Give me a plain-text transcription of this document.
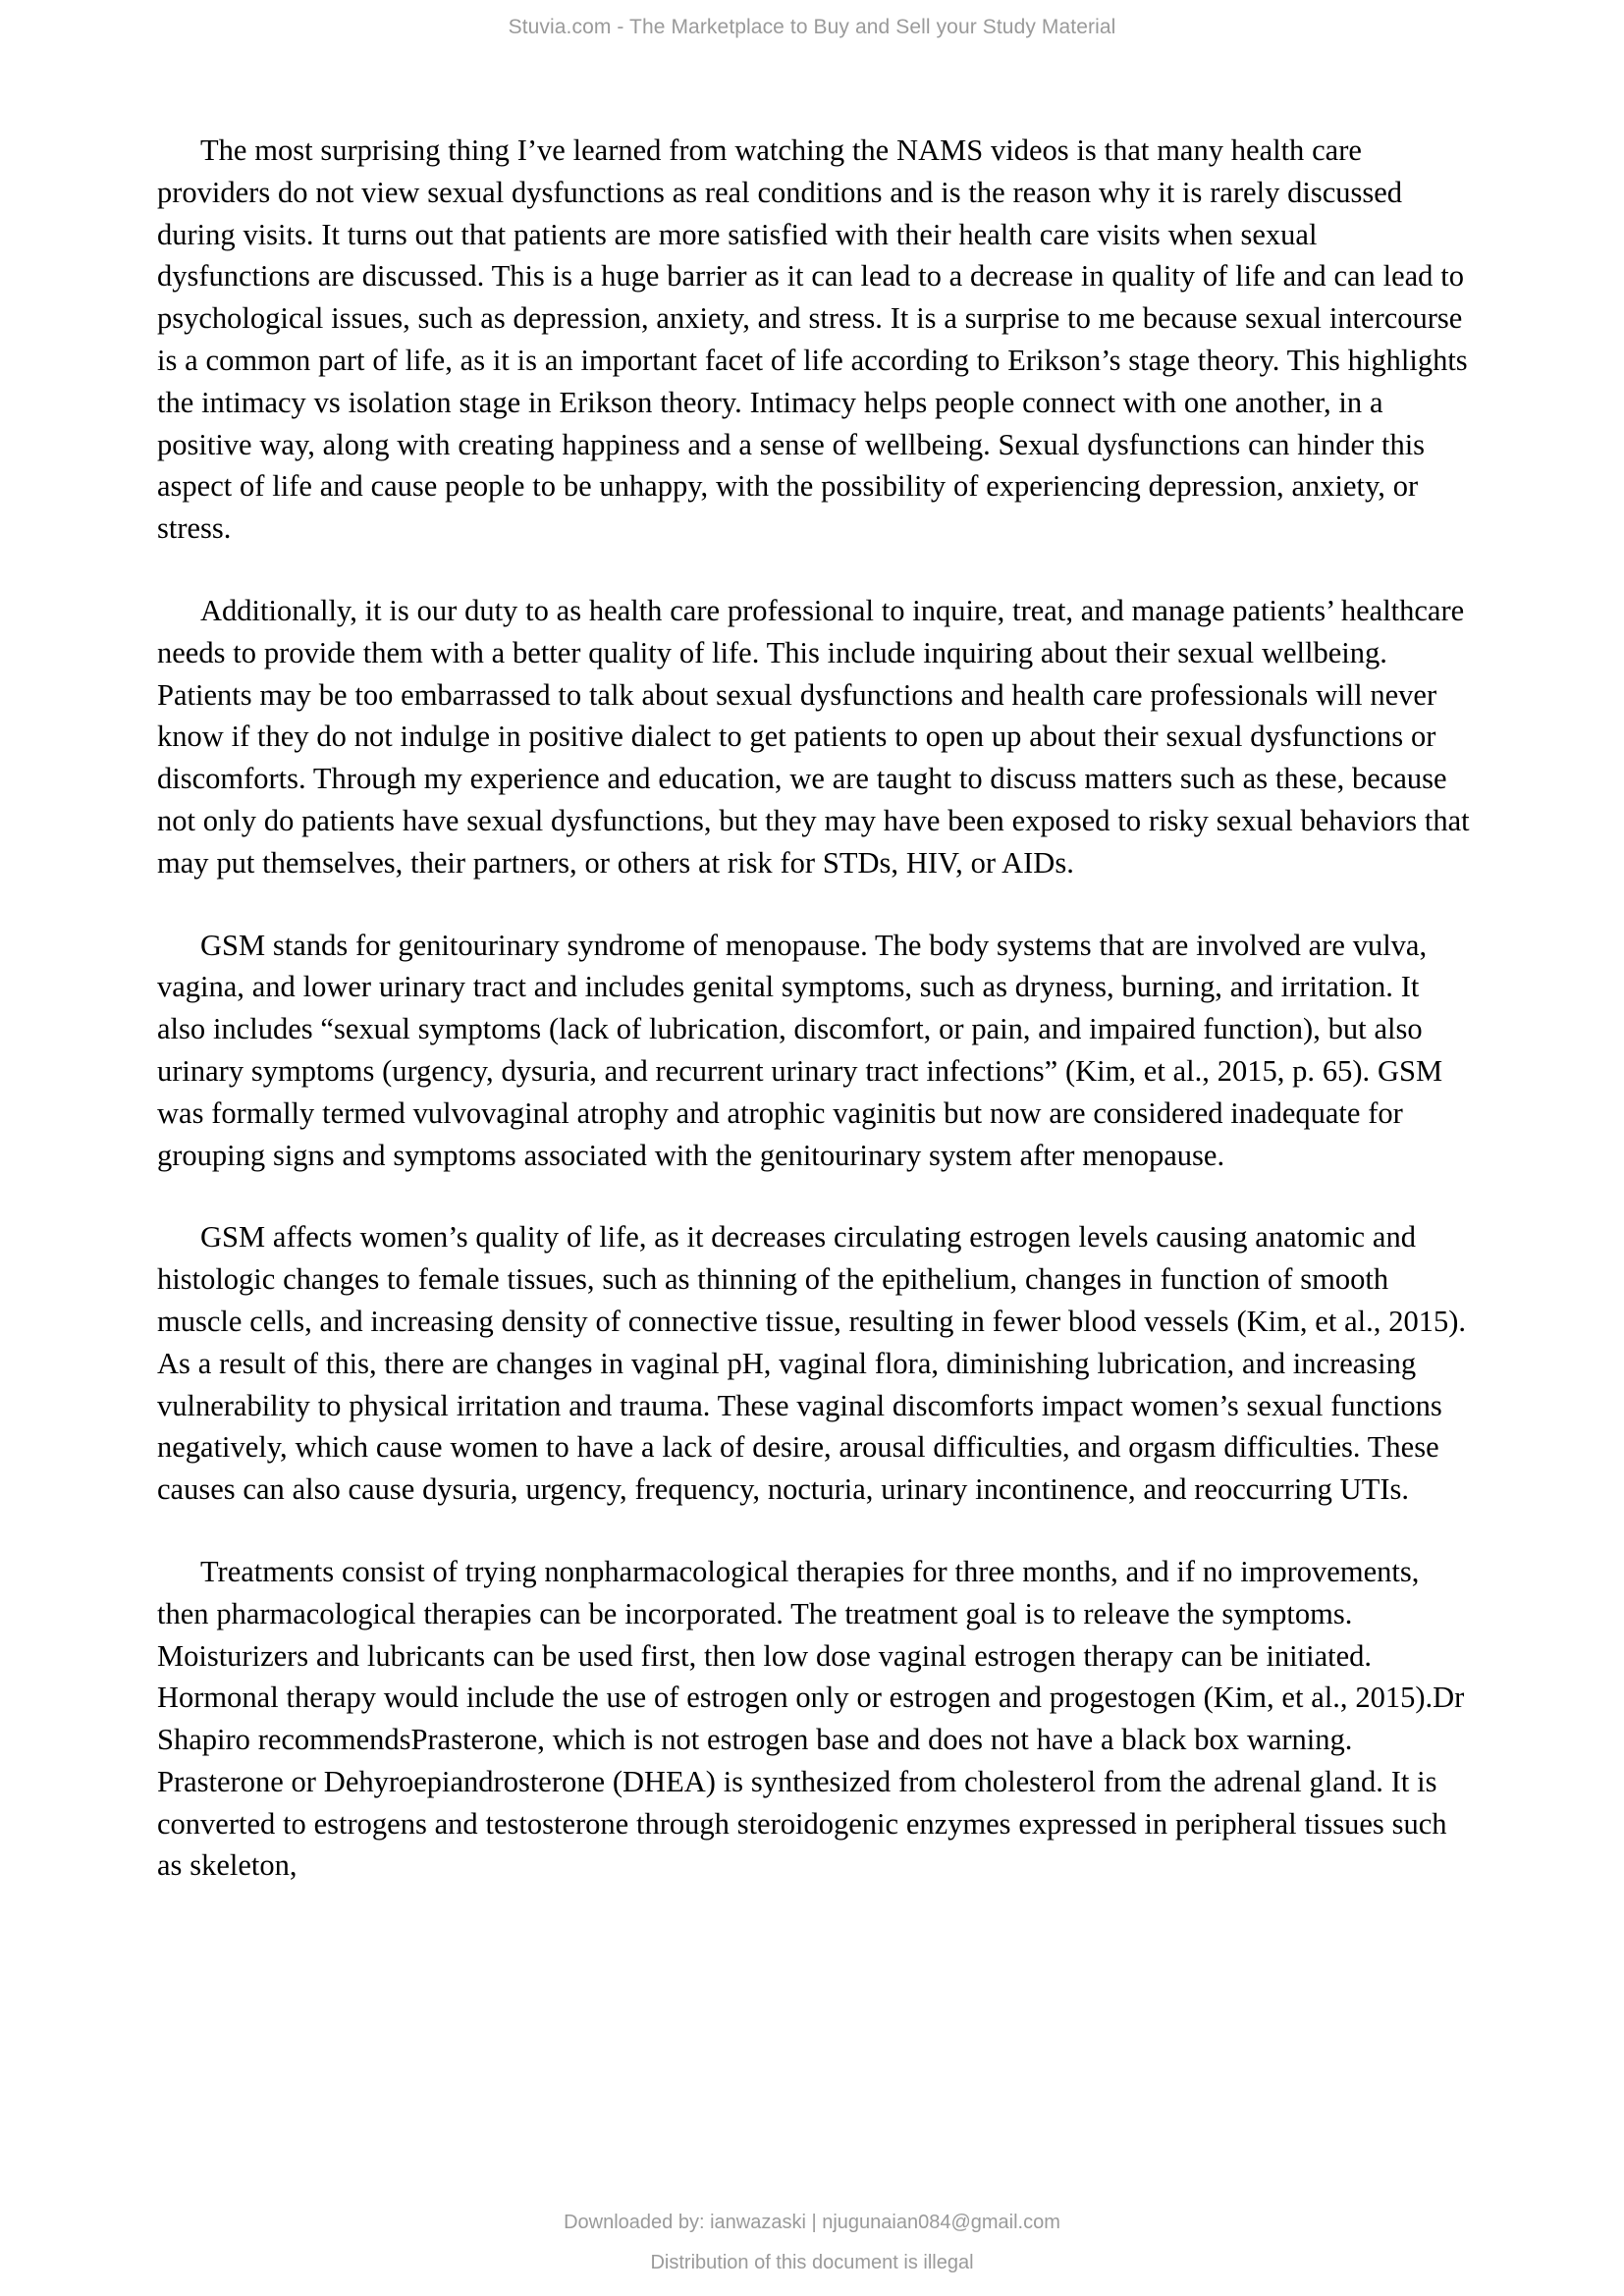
Stuvia.com - The Marketplace to Buy and Sell your Study Material

The most surprising thing I’ve learned from watching the NAMS videos is that many health care providers do not view sexual dysfunctions as real conditions and is the reason why it is rarely discussed during visits. It turns out that patients are more satisfied with their health care visits when sexual dysfunctions are discussed. This is a huge barrier as it can lead to a decrease in quality of life and can lead to psychological issues, such as depression, anxiety, and stress. It is a surprise to me because sexual intercourse is a common part of life, as it is an important facet of life according to Erikson’s stage theory. This highlights the intimacy vs isolation stage in Erikson theory. Intimacy helps people connect with one another, in a positive way, along with creating happiness and a sense of wellbeing. Sexual dysfunctions can hinder this aspect of life and cause people to be unhappy, with the possibility of experiencing depression, anxiety, or stress.

Additionally, it is our duty to as health care professional to inquire, treat, and manage patients’ healthcare needs to provide them with a better quality of life. This include inquiring about their sexual wellbeing. Patients may be too embarrassed to talk about sexual dysfunctions and health care professionals will never know if they do not indulge in positive dialect to get patients to open up about their sexual dysfunctions or discomforts. Through my experience and education, we are taught to discuss matters such as these, because not only do patients have sexual dysfunctions, but they may have been exposed to risky sexual behaviors that may put themselves, their partners, or others at risk for STDs, HIV, or AIDs.

GSM stands for genitourinary syndrome of menopause. The body systems that are involved are vulva, vagina, and lower urinary tract and includes genital symptoms, such as dryness, burning, and irritation. It also includes “sexual symptoms (lack of lubrication, discomfort, or pain, and impaired function), but also urinary symptoms (urgency, dysuria, and recurrent urinary tract infections” (Kim, et al., 2015, p. 65). GSM was formally termed vulvovaginal atrophy and atrophic vaginitis but now are considered inadequate for grouping signs and symptoms associated with the genitourinary system after menopause.

GSM affects women’s quality of life, as it decreases circulating estrogen levels causing anatomic and histologic changes to female tissues, such as thinning of the epithelium, changes in function of smooth muscle cells, and increasing density of connective tissue, resulting in fewer blood vessels (Kim, et al., 2015). As a result of this, there are changes in vaginal pH, vaginal flora, diminishing lubrication, and increasing vulnerability to physical irritation and trauma. These vaginal discomforts impact women’s sexual functions negatively, which cause women to have a lack of desire, arousal difficulties, and orgasm difficulties. These causes can also cause dysuria, urgency, frequency, nocturia, urinary incontinence, and reoccurring UTIs.

Treatments consist of trying nonpharmacological therapies for three months, and if no improvements, then pharmacological therapies can be incorporated. The treatment goal is to releave the symptoms. Moisturizers and lubricants can be used first, then low dose vaginal estrogen therapy can be initiated. Hormonal therapy would include the use of estrogen only or estrogen and progestogen (Kim, et al., 2015).Dr Shapiro recommendsPrasterone, which is not estrogen base and does not have a black box warning. Prasterone or Dehyroepiandrosterone (DHEA) is synthesized from cholesterol from the adrenal gland. It is converted to estrogens and testosterone through steroidogenic enzymes expressed in peripheral tissues such as skeleton,

Downloaded by: ianwazaski | njugunaian084@gmail.com
Distribution of this document is illegal
